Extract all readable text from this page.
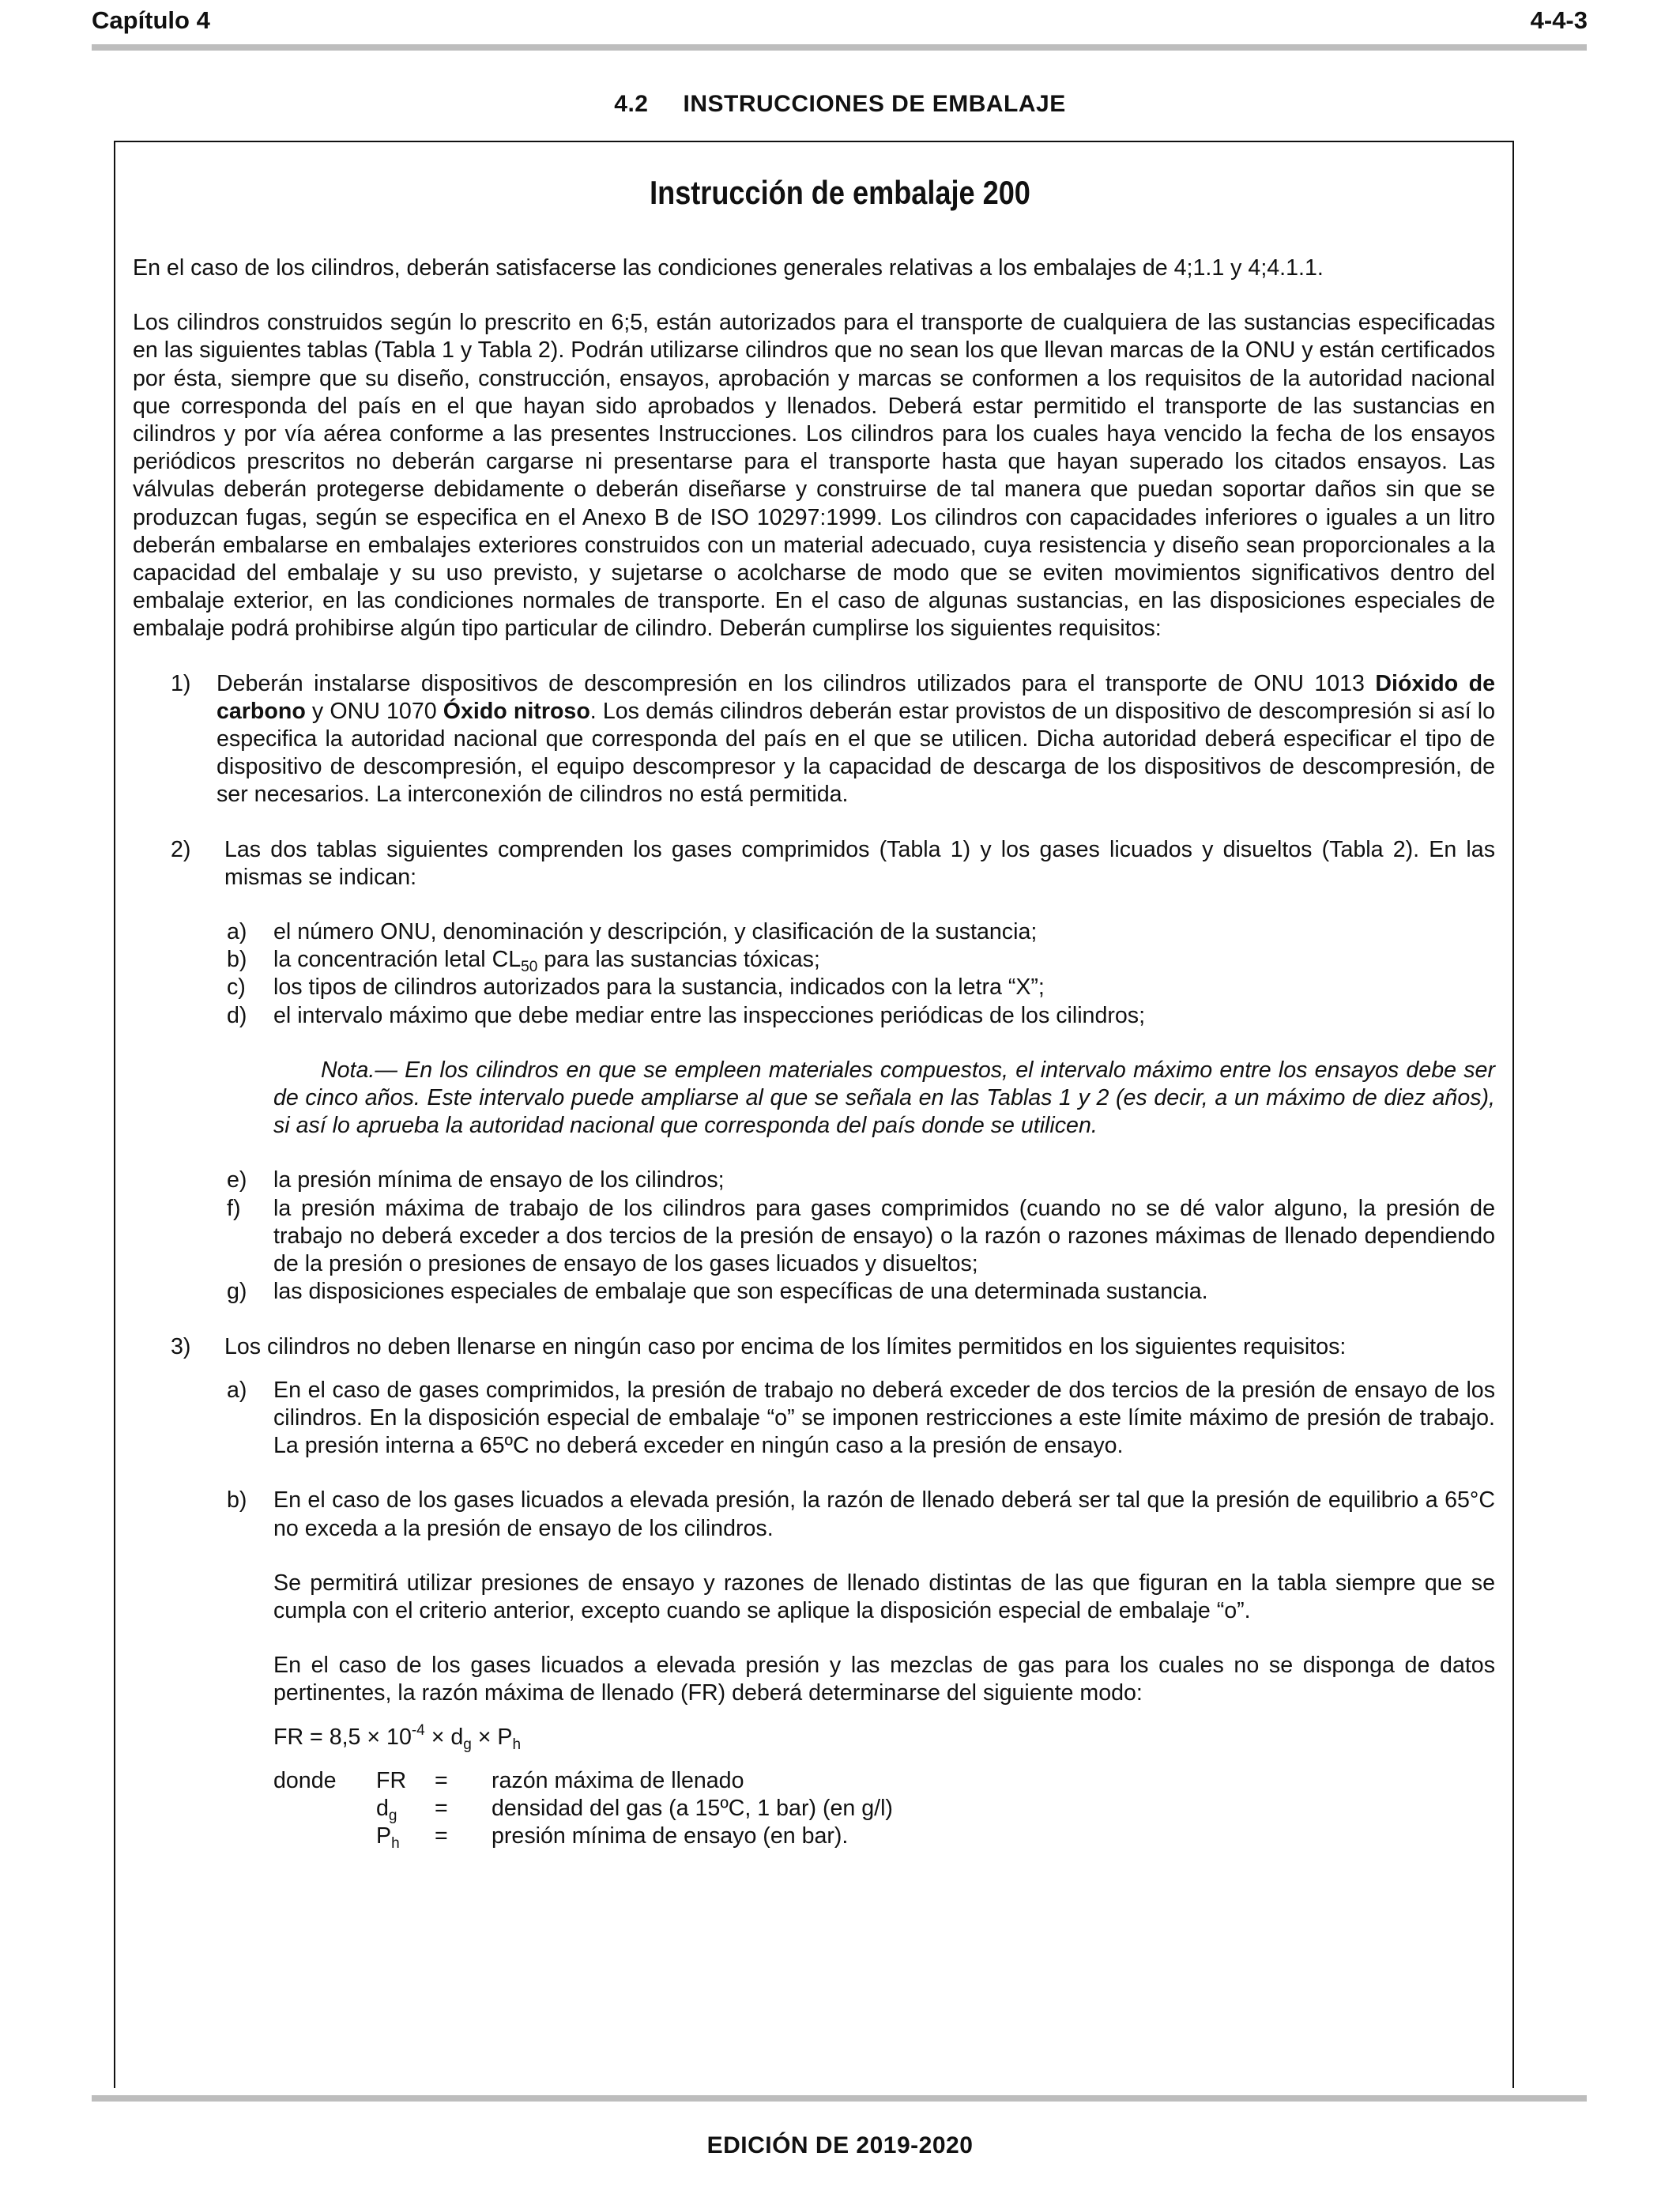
Capítulo 4	4-4-3
4.2 INSTRUCCIONES DE EMBALAJE
Instrucción de embalaje 200

En el caso de los cilindros, deberán satisfacerse las condiciones generales relativas a los embalajes de 4;1.1 y 4;4.1.1.

Los cilindros construidos según lo prescrito en 6;5, están autorizados para el transporte de cualquiera de las sustancias especificadas en las siguientes tablas (Tabla 1 y Tabla 2). Podrán utilizarse cilindros que no sean los que llevan marcas de la ONU y están certificados por ésta, siempre que su diseño, construcción, ensayos, aprobación y marcas se conformen a los requisitos de la autoridad nacional que corresponda del país en el que hayan sido aprobados y llenados. Deberá estar permitido el transporte de las sustancias en cilindros y por vía aérea conforme a las presentes Instrucciones. Los cilindros para los cuales haya vencido la fecha de los ensayos periódicos prescritos no deberán cargarse ni presentarse para el transporte hasta que hayan superado los citados ensayos. Las válvulas deberán protegerse debidamente o deberán diseñarse y construirse de tal manera que puedan soportar daños sin que se produzcan fugas, según se especifica en el Anexo B de ISO 10297:1999. Los cilindros con capacidades inferiores o iguales a un litro deberán embalarse en embalajes exteriores construidos con un material adecuado, cuya resistencia y diseño sean proporcionales a la capacidad del embalaje y su uso previsto, y sujetarse o acolcharse de modo que se eviten movimientos significativos dentro del embalaje exterior, en las condiciones normales de transporte. En el caso de algunas sustancias, en las disposiciones especiales de embalaje podrá prohibirse algún tipo particular de cilindro. Deberán cumplirse los siguientes requisitos:

1) Deberán instalarse dispositivos de descompresión en los cilindros utilizados para el transporte de ONU 1013 Dióxido de carbono y ONU 1070 Óxido nitroso. Los demás cilindros deberán estar provistos de un dispositivo de descompresión si así lo especifica la autoridad nacional que corresponda del país en el que se utilicen. Dicha autoridad deberá especificar el tipo de dispositivo de descompresión, el equipo descompresor y la capacidad de descarga de los dispositivos de descompresión, de ser necesarios. La interconexión de cilindros no está permitida.

2) Las dos tablas siguientes comprenden los gases comprimidos (Tabla 1) y los gases licuados y disueltos (Tabla 2). En las mismas se indican:

a) el número ONU, denominación y descripción, y clasificación de la sustancia;

b) la concentración letal $CL_{50}$ para las sustancias tóxicas;

c) los tipos de cilindros autorizados para la sustancia, indicados con la letra “X”;

d) el intervalo máximo que debe mediar entre las inspecciones periódicas de los cilindros;

Nota.— En los cilindros en que se empleen materiales compuestos, el intervalo máximo entre los ensayos debe ser de cinco años. Este intervalo puede ampliarse al que se señala en las Tablas 1 y 2 (es decir, a un máximo de diez años), si así lo aprueba la autoridad nacional que corresponda del país donde se utilicen.

e) la presión mínima de ensayo de los cilindros;

f) la presión máxima de trabajo de los cilindros para gases comprimidos (cuando no se dé valor alguno, la presión de trabajo no deberá exceder a dos tercios de la presión de ensayo) o la razón o razones máximas de llenado dependiendo de la presión o presiones de ensayo de los gases licuados y disueltos;

g) las disposiciones especiales de embalaje que son específicas de una determinada sustancia.

3) Los cilindros no deben llenarse en ningún caso por encima de los límites permitidos en los siguientes requisitos:

a) En el caso de gases comprimidos, la presión de trabajo no deberá exceder de dos tercios de la presión de ensayo de los cilindros. En la disposición especial de embalaje “o” se imponen restricciones a este límite máximo de presión de trabajo. La presión interna a 65ºC no deberá exceder en ningún caso a la presión de ensayo.

b) En el caso de los gases licuados a elevada presión, la razón de llenado deberá ser tal que la presión de equilibrio a 65°C no exceda a la presión de ensayo de los cilindros.

Se permitirá utilizar presiones de ensayo y razones de llenado distintas de las que figuran en la tabla siempre que se cumpla con el criterio anterior, excepto cuando se aplique la disposición especial de embalaje “o”.

En el caso de los gases licuados a elevada presión y las mezclas de gas para los cuales no se disponga de datos pertinentes, la razón máxima de llenado (FR) deberá determinarse del siguiente modo:

FR = $8,5 \times 10^{-4} \times d_g \times P_h$

donde	FR	=	razón máxima de llenado
	$d_g$	=	densidad del gas (a 15ºC, 1 bar) (en g/l)
	$P_h$	=	presión mínima de ensayo (en bar).
EDICIÓN DE 2019-2020
